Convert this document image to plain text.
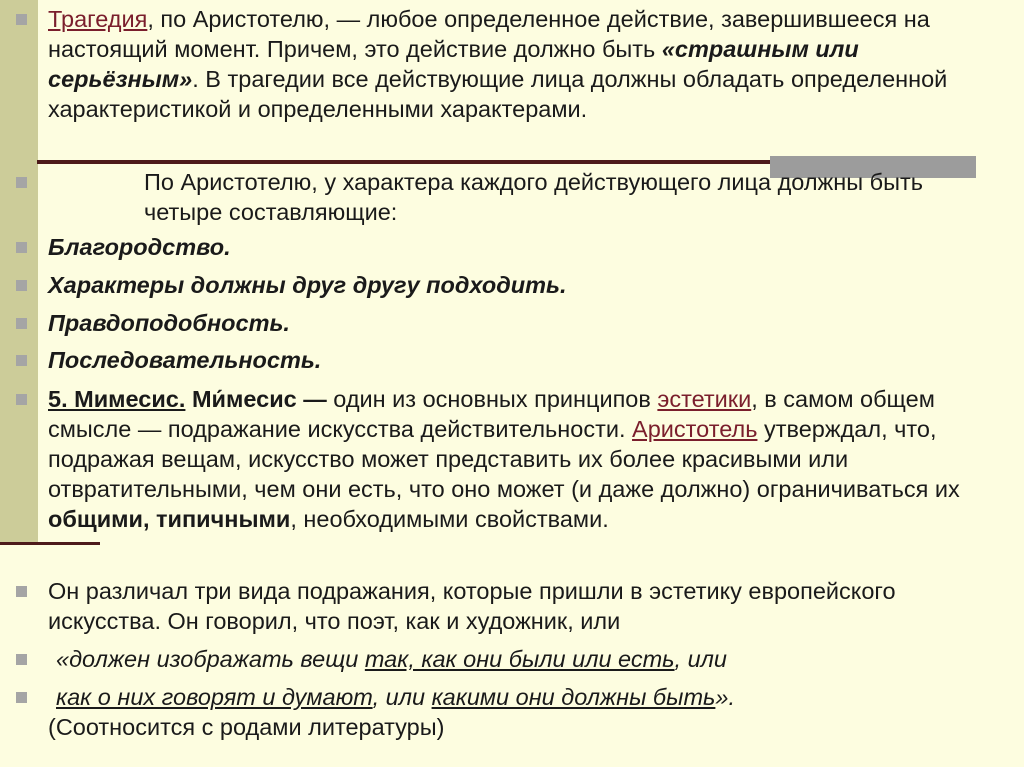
Трагедия, по Аристотелю, — любое определенное действие, завершившееся на настоящий момент. Причем, это действие должно быть «страшным или серьёзным». В трагедии все действующие лица должны обладать определенной характеристикой и определенными характерами.
По Аристотелю, у характера каждого действующего лица должны быть четыре составляющие:
Благородство.
Характеры должны друг другу подходить.
Правдоподобность.
Последовательность.
5. Мимесис. Ми́месис — один из основных принципов эстетики, в самом общем смысле — подражание искусства действительности. Аристотель утверждал, что, подражая вещам, искусство может представить их более красивыми или отвратительными, чем они есть, что оно может (и даже должно) ограничиваться их общими, типичными, необходимыми свойствами.
Он различал три вида подражания, которые пришли в эстетику европейского искусства. Он говорил, что поэт, как и художник, или
«должен изображать вещи так, как они были или есть, или
как о них говорят и думают, или какими они должны быть».
(Соотносится с родами литературы)
